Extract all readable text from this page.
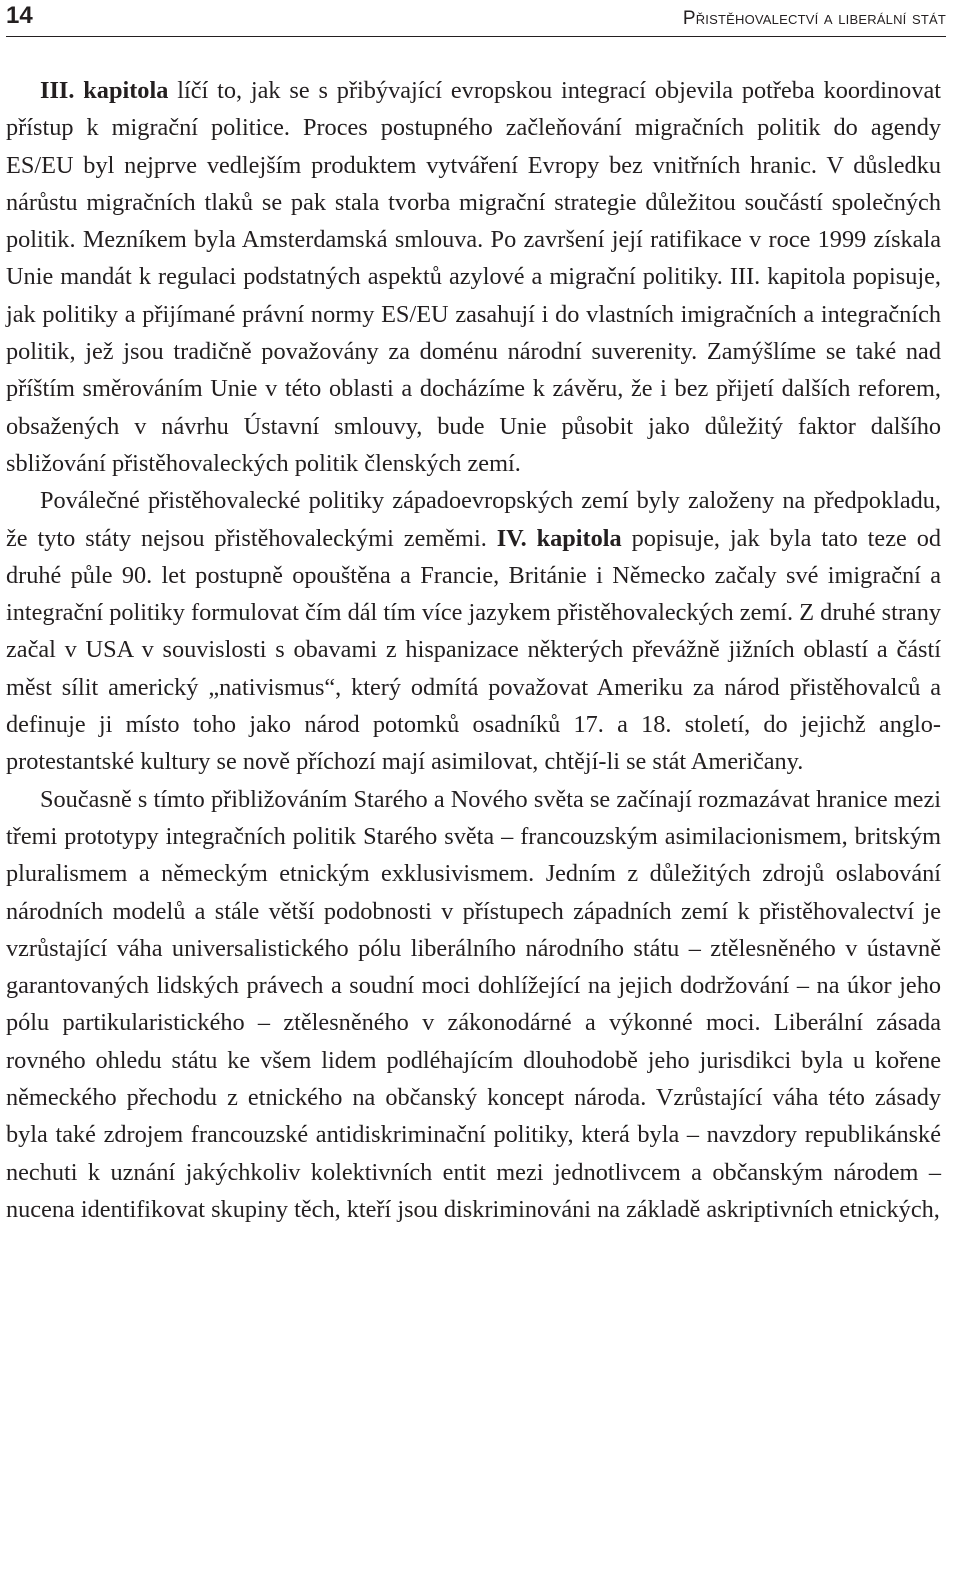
14	Přistěhovalectví a liberální stát

III. kapitola líčí to, jak se s přibývající evropskou integrací objevila potřeba koordinovat přístup k migrační politice. Proces postupného začleňování migračních politik do agendy ES/EU byl nejprve vedlejším produktem vytváření Evropy bez vnitřních hranic. V důsledku nárůstu migračních tlaků se pak stala tvorba migrační strategie důležitou součástí společných politik. Mezníkem byla Amsterdamská smlouva. Po završení její ratifikace v roce 1999 získala Unie mandát k regulaci podstatných aspektů azylové a migrační politiky. III. kapitola popisuje, jak politiky a přijímané právní normy ES/EU zasahují i do vlastních imigračních a integračních politik, jež jsou tradičně považovány za doménu národní suverenity. Zamýšlíme se také nad příštím směrováním Unie v této oblasti a docházíme k závěru, že i bez přijetí dalších reforem, obsažených v návrhu Ústavní smlouvy, bude Unie působit jako důležitý faktor dalšího sbližování přistěhovaleckých politik členských zemí.

Poválečné přistěhovalecké politiky západoevropských zemí byly založeny na předpokladu, že tyto státy nejsou přistěhovaleckými zeměmi. IV. kapitola popisuje, jak byla tato teze od druhé půle 90. let postupně opouštěna a Francie, Británie i Německo začaly své imigrační a integrační politiky formulovat čím dál tím více jazykem přistěhovaleckých zemí. Z druhé strany začal v USA v souvislosti s obavami z hispanizace některých převážně jižních oblastí a částí měst sílit americký „nativismus“, který odmítá považovat Ameriku za národ přistěhovalců a definuje ji místo toho jako národ potomků osadníků 17. a 18. století, do jejichž anglo-protestantské kultury se nově příchozí mají asimilovat, chtějí-li se stát Američany.

Současně s tímto přibližováním Starého a Nového světa se začínají rozmazávat hranice mezi třemi prototypy integračních politik Starého světa – francouzským asimilacionismem, britským pluralismem a německým etnickým exklusivismem. Jedním z důležitých zdrojů oslabování národních modelů a stále větší podobnosti v přístupech západních zemí k přistěhovalectví je vzrůstající váha universalistického pólu liberálního národního státu – ztělesněného v ústavně garantovaných lidských právech a soudní moci dohlížející na jejich dodržování – na úkor jeho pólu partikularistického – ztělesněného v zákonodárné a výkonné moci. Liberální zásada rovného ohledu státu ke všem lidem podléhajícím dlouhodobě jeho jurisdikci byla u kořene německého přechodu z etnického na občanský koncept národa. Vzrůstající váha této zásady byla také zdrojem francouzské antidiskriminační politiky, která byla – navzdory republikánské nechuti k uznání jakýchkoliv kolektivních entit mezi jednotlivcem a občanským národem – nucena identifikovat skupiny těch, kteří jsou diskriminováni na základě askriptivních etnických,
